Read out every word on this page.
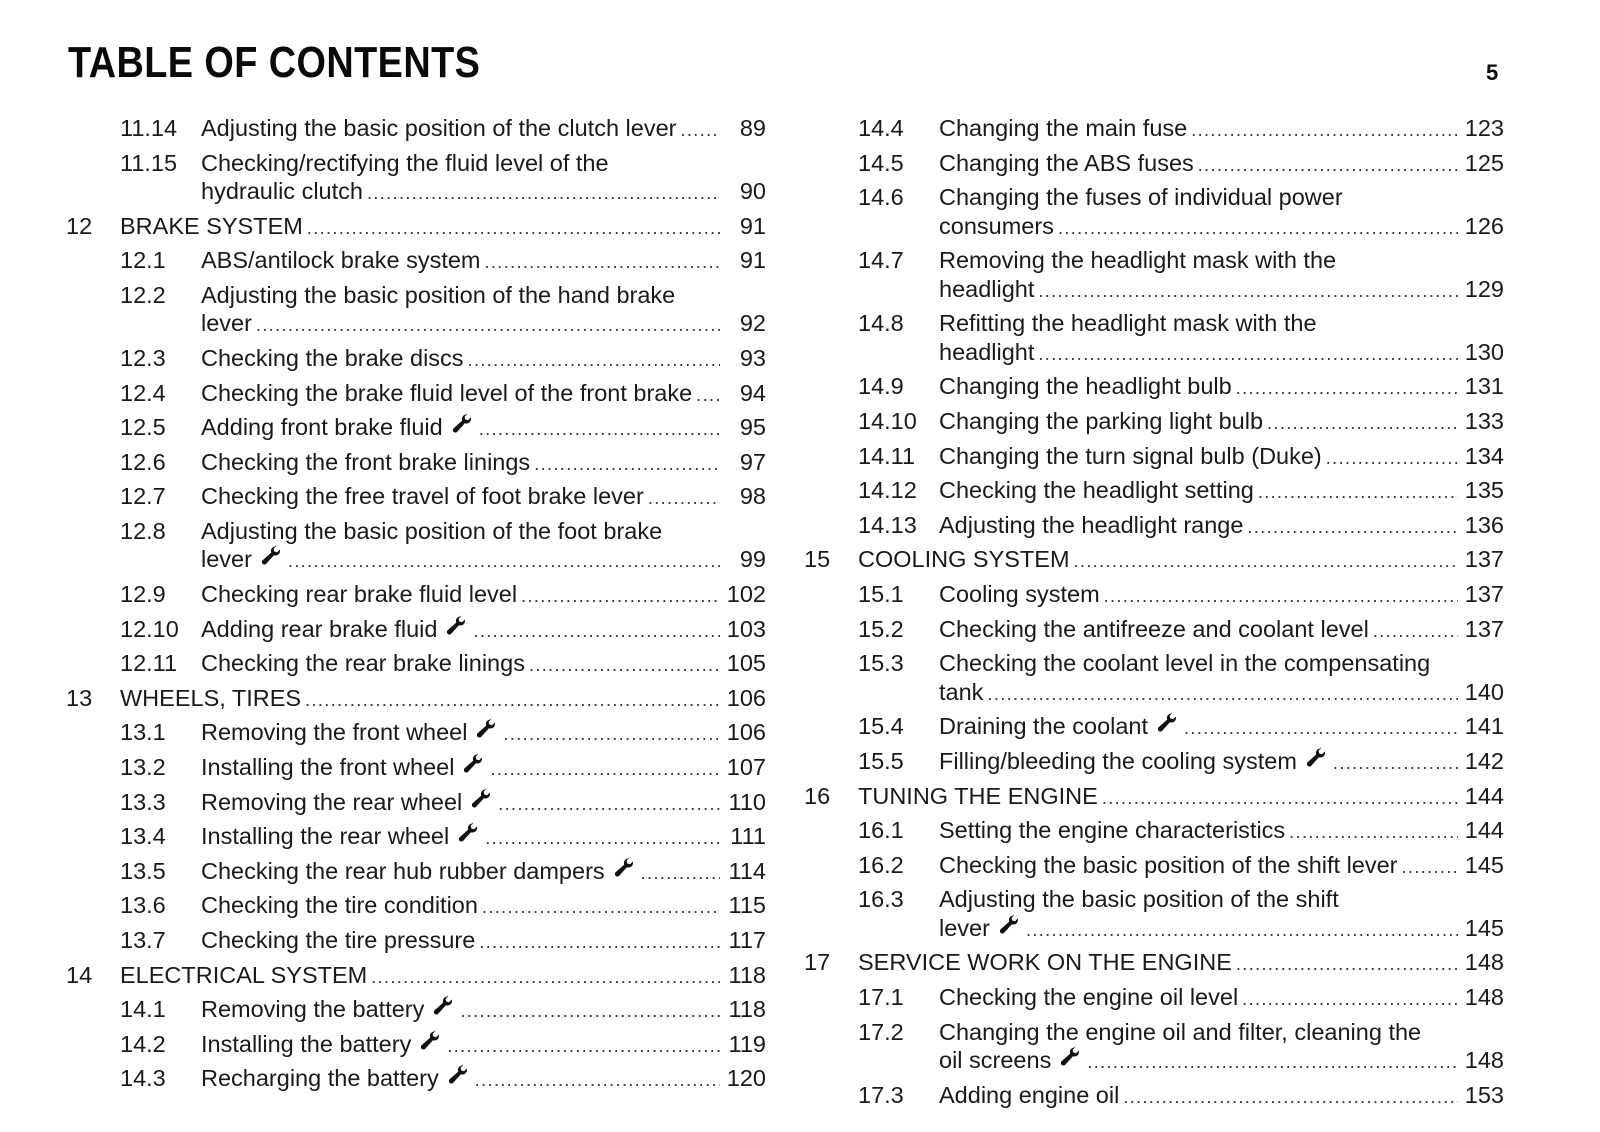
TABLE OF CONTENTS	5
11.14 Adjusting the basic position of the clutch lever .....	89
11.15 Checking/rectifying the fluid level of the
hydraulic clutch .....	90
12 BRAKE SYSTEM .....	91
12.1 ABS/antilock brake system .....	91
12.2 Adjusting the basic position of the hand brake
lever .....	92
12.3 Checking the brake discs .....	93
12.4 Checking the brake fluid level of the front brake .....	94
12.5 Adding front brake fluid .....	95
12.6 Checking the front brake linings .....	97
12.7 Checking the free travel of foot brake lever .....	98
12.8 Adjusting the basic position of the foot brake
lever .....	99
12.9 Checking rear brake fluid level .....	102
12.10 Adding rear brake fluid .....	103
12.11 Checking the rear brake linings .....	105
13 WHEELS, TIRES .....	106
13.1 Removing the front wheel .....	106
13.2 Installing the front wheel .....	107
13.3 Removing the rear wheel .....	110
13.4 Installing the rear wheel .....	111
13.5 Checking the rear hub rubber dampers .....	114
13.6 Checking the tire condition .....	115
13.7 Checking the tire pressure .....	117
14 ELECTRICAL SYSTEM .....	118
14.1 Removing the battery .....	118
14.2 Installing the battery .....	119
14.3 Recharging the battery .....	120
14.4 Changing the main fuse .....	123
14.5 Changing the ABS fuses .....	125
14.6 Changing the fuses of individual power
consumers .....	126
14.7 Removing the headlight mask with the
headlight .....	129
14.8 Refitting the headlight mask with the
headlight .....	130
14.9 Changing the headlight bulb .....	131
14.10 Changing the parking light bulb .....	133
14.11 Changing the turn signal bulb (Duke) .....	134
14.12 Checking the headlight setting .....	135
14.13 Adjusting the headlight range .....	136
15 COOLING SYSTEM .....	137
15.1 Cooling system .....	137
15.2 Checking the antifreeze and coolant level .....	137
15.3 Checking the coolant level in the compensating
tank .....	140
15.4 Draining the coolant .....	141
15.5 Filling/bleeding the cooling system .....	142
16 TUNING THE ENGINE .....	144
16.1 Setting the engine characteristics .....	144
16.2 Checking the basic position of the shift lever .....	145
16.3 Adjusting the basic position of the shift
lever .....	145
17 SERVICE WORK ON THE ENGINE .....	148
17.1 Checking the engine oil level .....	148
17.2 Changing the engine oil and filter, cleaning the
oil screens .....	148
17.3 Adding engine oil .....	153
